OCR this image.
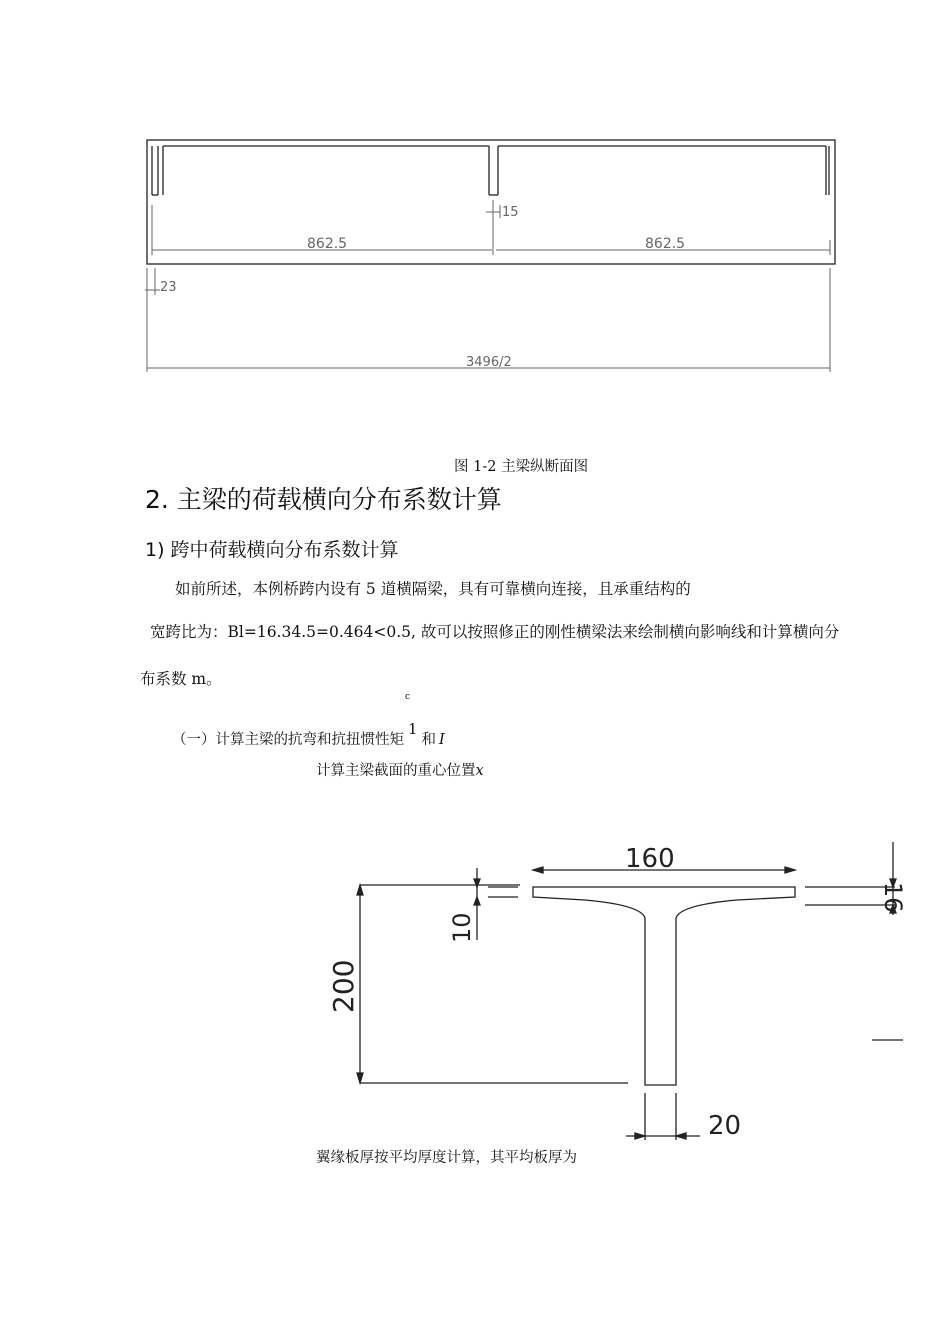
862.5	862.5
15
23
3496/2
图 1-2 主梁纵断面图
2. 主梁的荷载横向分布系数计算
1) 跨中荷载横向分布系数计算
如前所述，本例桥跨内设有 5 道横隔梁，具有可靠横向连接，且承重结构的
宽跨比为：Bl=16.34.5=0.464<0.5, 故可以按照修正的刚性横梁法来绘制横向影响线和计算横向分
布系数 m。
c
（一）计算主梁的抗弯和抗扭惯性矩$^1$和 I
计算主梁截面的重心位置x
160
16
10
200
20
翼缘板厚按平均厚度计算，其平均板厚为
